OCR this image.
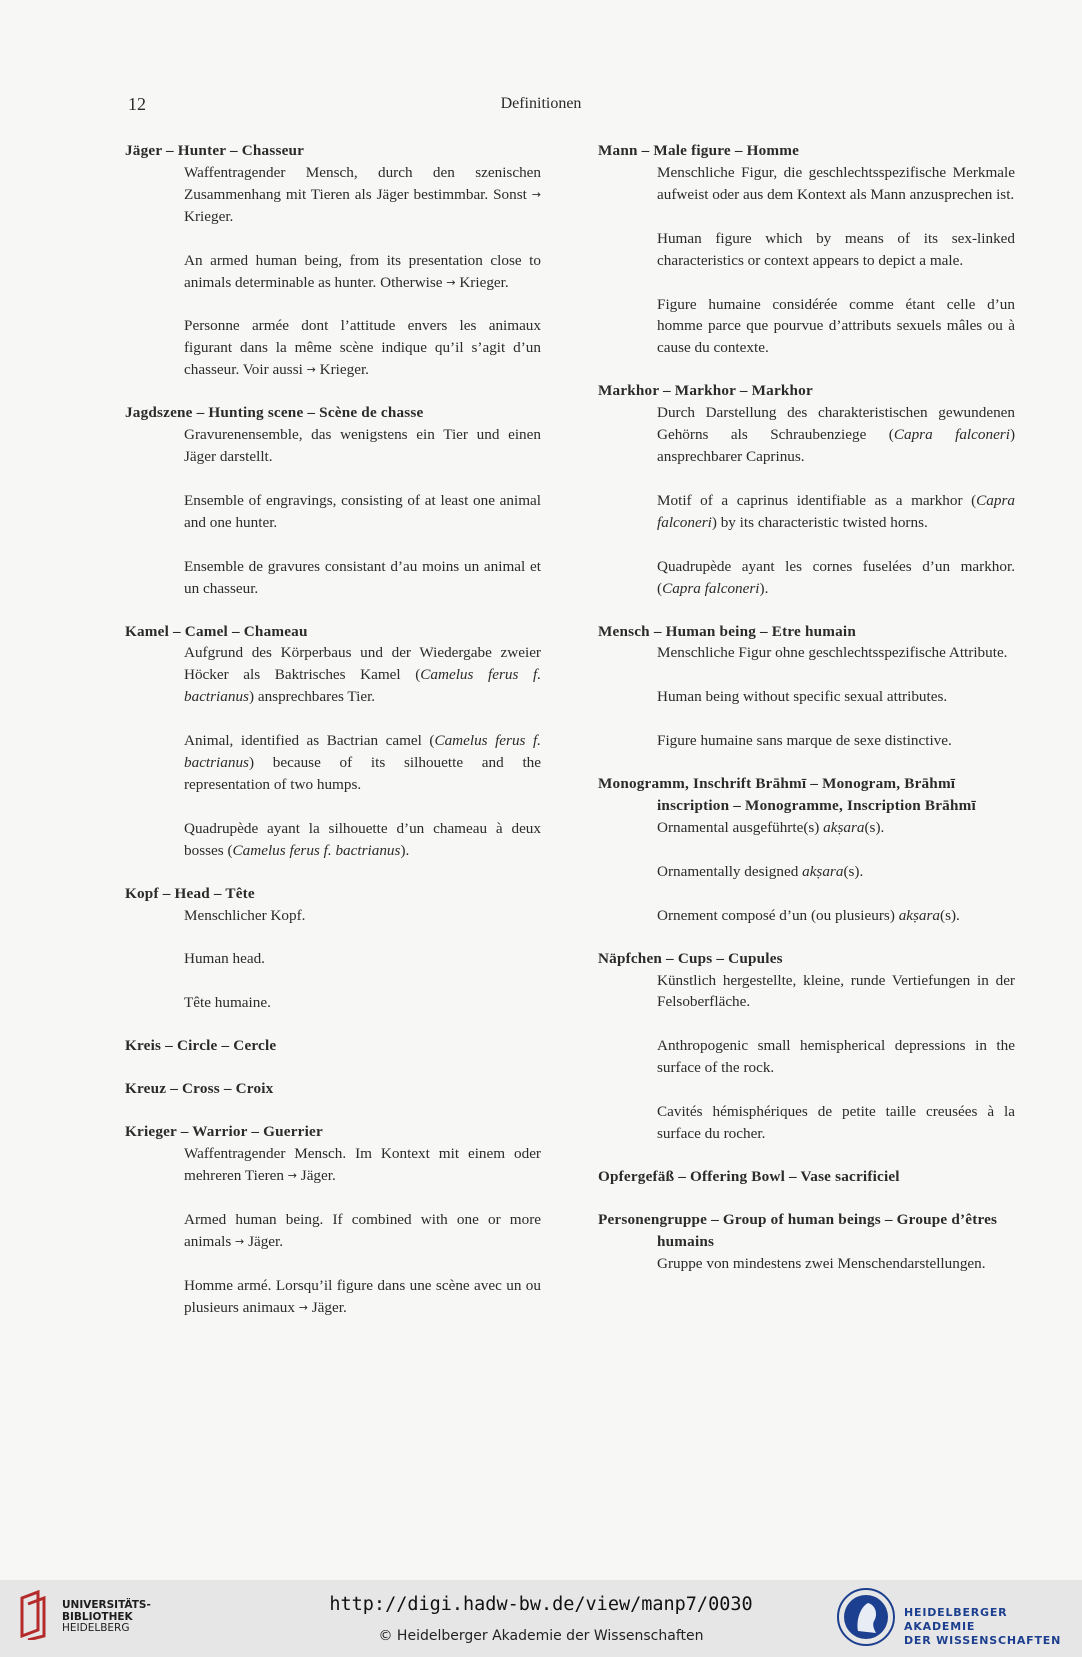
12	Definitionen
Jäger – Hunter – Chasseur

Waffentragender Mensch, durch den szenischen Zusammenhang mit Tieren als Jäger bestimmbar. Sonst → Krieger.

An armed human being, from its presentation close to animals determinable as hunter. Otherwise → Krieger.

Personne armée dont l’attitude envers les animaux figurant dans la même scène indique qu’il s’agit d’un chasseur. Voir aussi → Krieger.

Jagdszene – Hunting scene – Scène de chasse

Gravurenensemble, das wenigstens ein Tier und einen Jäger darstellt.

Ensemble of engravings, consisting of at least one animal and one hunter.

Ensemble de gravures consistant d’au moins un animal et un chasseur.

Kamel – Camel – Chameau

Aufgrund des Körperbaus und der Wiedergabe zweier Höcker als Baktrisches Kamel (Camelus ferus f. bactrianus) ansprechbares Tier.

Animal, identified as Bactrian camel (Camelus ferus f. bactrianus) because of its silhouette and the representation of two humps.

Quadrupède ayant la silhouette d’un chameau à deux bosses (Camelus ferus f. bactrianus).

Kopf – Head – Tête

Menschlicher Kopf.

Human head.

Tête humaine.

Kreis – Circle – Cercle
Kreuz – Cross – Croix
Krieger – Warrior – Guerrier

Waffentragender Mensch. Im Kontext mit einem oder mehreren Tieren → Jäger.

Armed human being. If combined with one or more animals → Jäger.

Homme armé. Lorsqu’il figure dans une scène avec un ou plusieurs animaux → Jäger.

Mann – Male figure – Homme

Menschliche Figur, die geschlechtsspezifische Merkmale aufweist oder aus dem Kontext als Mann anzusprechen ist.

Human figure which by means of its sex-linked characteristics or context appears to depict a male.

Figure humaine considérée comme étant celle d’un homme parce que pourvue d’attributs sexuels mâles ou à cause du contexte.

Markhor – Markhor – Markhor

Durch Darstellung des charakteristischen gewundenen Gehörns als Schraubenziege (Capra falconeri) ansprechbarer Caprinus.

Motif of a caprinus identifiable as a markhor (Capra falconeri) by its characteristic twisted horns.

Quadrupède ayant les cornes fuselées d’un markhor. (Capra falconeri).

Mensch – Human being – Etre humain

Menschliche Figur ohne geschlechtsspezifische Attribute.

Human being without specific sexual attributes.

Figure humaine sans marque de sexe distinctive.

Monogramm, Inschrift Brāhmī – Monogram, Brāhmī inscription – Monogramme, Inscription Brāhmī

Ornamental ausgeführte(s) akṣara(s).

Ornamentally designed akṣara(s).

Ornement composé d’un (ou plusieurs) akṣara(s).

Näpfchen – Cups – Cupules

Künstlich hergestellte, kleine, runde Vertiefungen in der Felsoberfläche.

Anthropogenic small hemispherical depressions in the surface of the rock.

Cavités hémisphériques de petite taille creusées à la surface du rocher.

Opfergefäß – Offering Bowl – Vase sacrificiel
Personengruppe – Group of human beings – Groupe d’êtres humains

Gruppe von mindestens zwei Menschendarstellungen.

UNIVERSITÄTS-
BIBLIOTHEK
HEIDELBERG
http://digi.hadw-bw.de/view/manp7/0030
© Heidelberger Akademie der Wissenschaften
HEIDELBERGER AKADEMIE
DER WISSENSCHAFTEN
